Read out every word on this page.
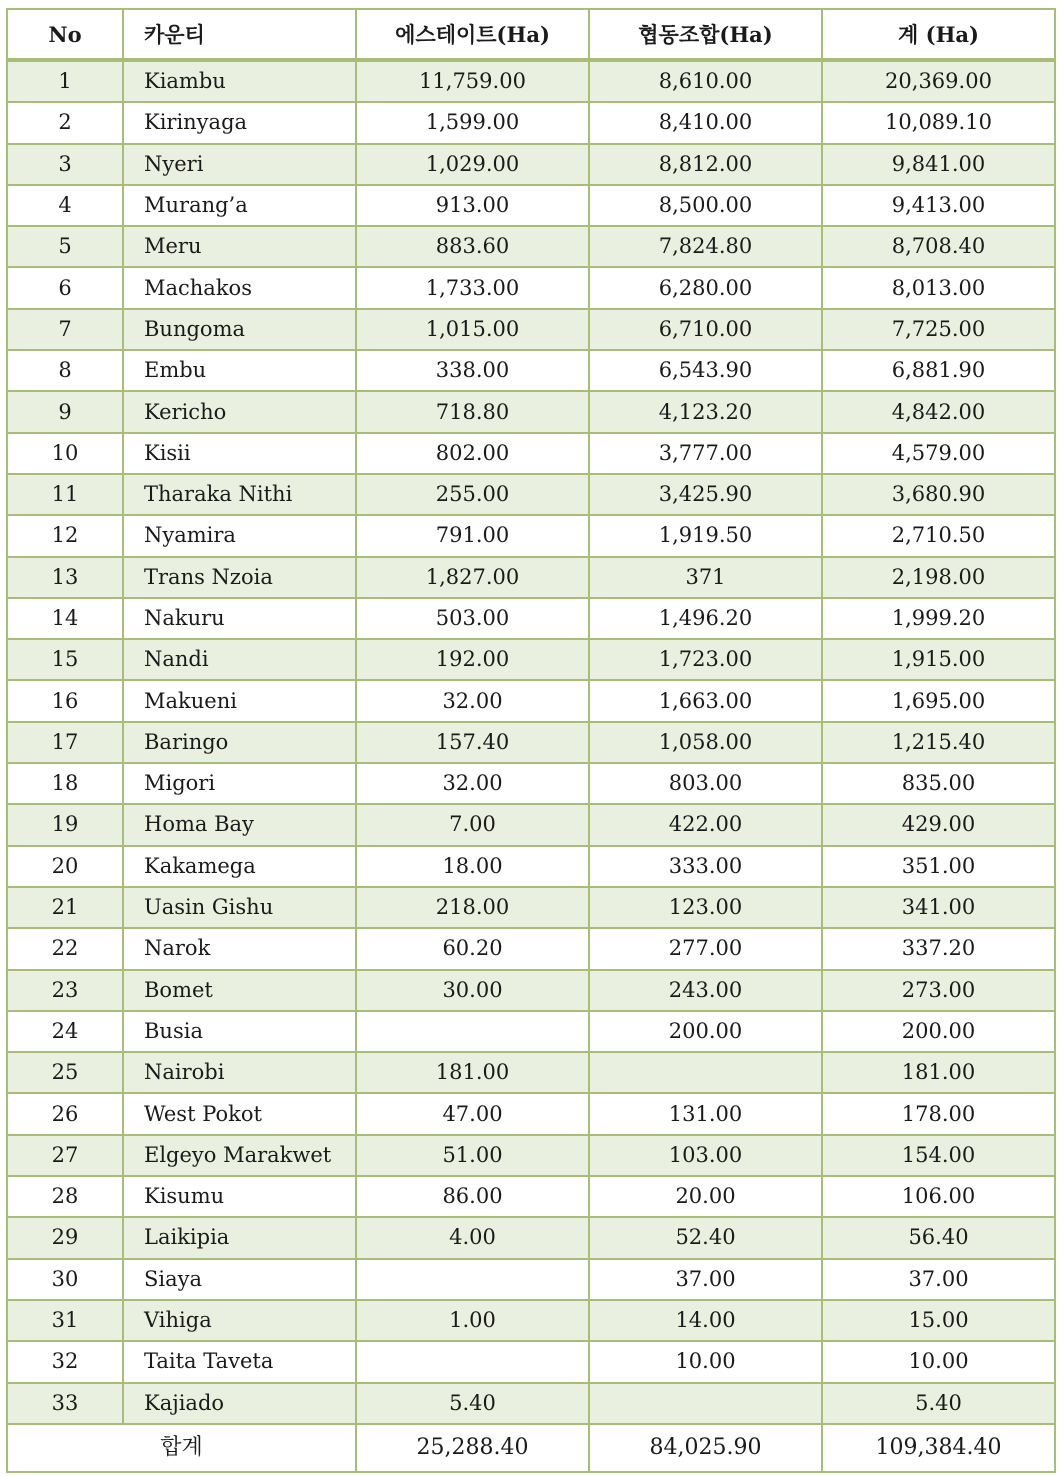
No	카운티	에스테이트(Ha)	협동조합(Ha)	계 (Ha)
1	Kiambu	11,759.00	8,610.00	20,369.00
2	Kirinyaga	1,599.00	8,410.00	10,089.10
3	Nyeri	1,029.00	8,812.00	9,841.00
4	Murang’a	913.00	8,500.00	9,413.00
5	Meru	883.60	7,824.80	8,708.40
6	Machakos	1,733.00	6,280.00	8,013.00
7	Bungoma	1,015.00	6,710.00	7,725.00
8	Embu	338.00	6,543.90	6,881.90
9	Kericho	718.80	4,123.20	4,842.00
10	Kisii	802.00	3,777.00	4,579.00
11	Tharaka Nithi	255.00	3,425.90	3,680.90
12	Nyamira	791.00	1,919.50	2,710.50
13	Trans Nzoia	1,827.00	371	2,198.00
14	Nakuru	503.00	1,496.20	1,999.20
15	Nandi	192.00	1,723.00	1,915.00
16	Makueni	32.00	1,663.00	1,695.00
17	Baringo	157.40	1,058.00	1,215.40
18	Migori	32.00	803.00	835.00
19	Homa Bay	7.00	422.00	429.00
20	Kakamega	18.00	333.00	351.00
21	Uasin Gishu	218.00	123.00	341.00
22	Narok	60.20	277.00	337.20
23	Bomet	30.00	243.00	273.00
24	Busia		200.00	200.00
25	Nairobi	181.00		181.00
26	West Pokot	47.00	131.00	178.00
27	Elgeyo Marakwet	51.00	103.00	154.00
28	Kisumu	86.00	20.00	106.00
29	Laikipia	4.00	52.40	56.40
30	Siaya		37.00	37.00
31	Vihiga	1.00	14.00	15.00
32	Taita Taveta		10.00	10.00
33	Kajiado	5.40		5.40
합계		25,288.40	84,025.90	109,384.40
